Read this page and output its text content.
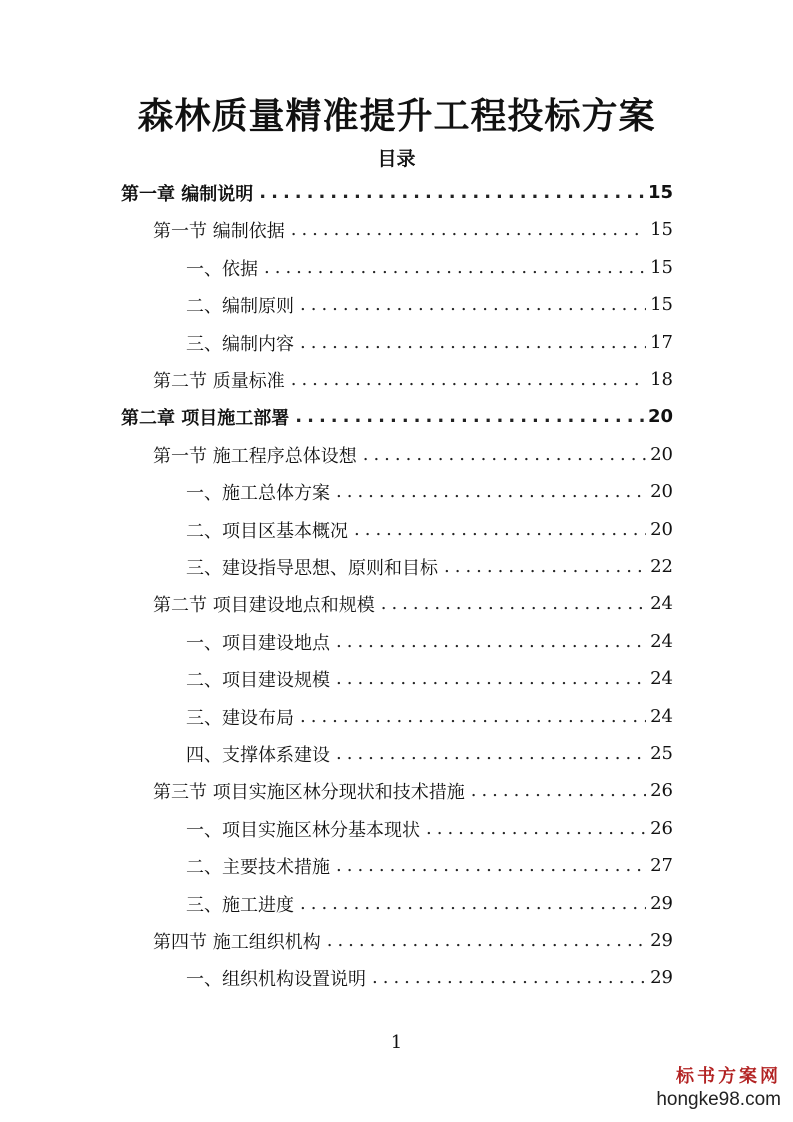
森林质量精准提升工程投标方案
目录
第一章 编制说明 .....	15
第一节 编制依据 .....	15
一、依据 .....	15
二、编制原则 .....	15
三、编制内容 .....	17
第二节 质量标准 .....	18
第二章 项目施工部署 .....	20
第一节 施工程序总体设想 .....	20
一、施工总体方案 .....	20
二、项目区基本概况 .....	20
三、建设指导思想、原则和目标 .....	22
第二节 项目建设地点和规模 .....	24
一、项目建设地点 .....	24
二、项目建设规模 .....	24
三、建设布局 .....	24
四、支撑体系建设 .....	25
第三节 项目实施区林分现状和技术措施 .....	26
一、项目实施区林分基本现状 .....	26
二、主要技术措施 .....	27
三、施工进度 .....	29
第四节 施工组织机构 .....	29
一、组织机构设置说明 .....	29
1
标书方案网
hongke98.com
